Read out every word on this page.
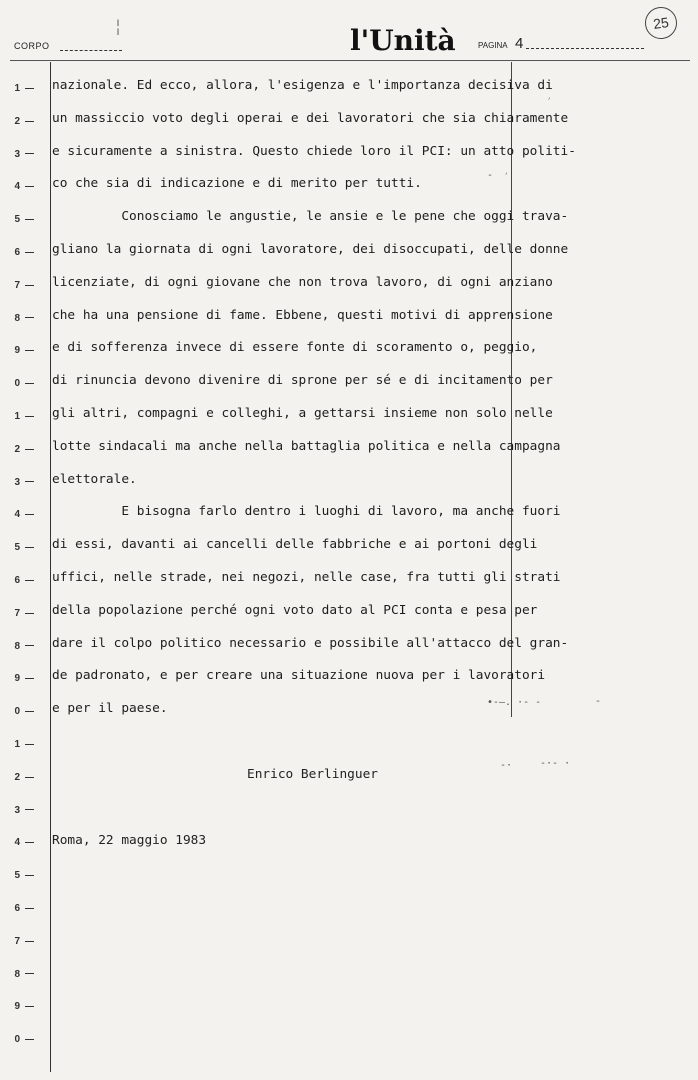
¦
CORPO	l'Unità	PAGINA 4
25
1
2
3
4
5
6
7
8
9
0
1
2
3
4
5
6
7
8
9
0
1
2
3
4
5
6
7
8
9
0
nazionale. Ed ecco, allora, l'esigenza e l'importanza decisiva di
un massiccio voto degli operai e dei lavoratori che sia chiaramente
e sicuramente a sinistra. Questo chiede loro il PCI: un atto politi-
co che sia di indicazione e di merito per tutti.
Conosciamo le angustie, le ansie e le pene che oggi trava-
gliano la giornata di ogni lavoratore, dei disoccupati, delle donne
licenziate, di ogni giovane che non trova lavoro, di ogni anziano
che ha una pensione di fame. Ebbene, questi motivi di apprensione
e di sofferenza invece di essere fonte di scoramento o, peggio,
di rinuncia devono divenire di sprone per sé e di incitamento per
gli altri, compagni e colleghi, a gettarsi insieme non solo nelle
lotte sindacali ma anche nella battaglia politica e nella campagna
elettorale.
E bisogna farlo dentro i luoghi di lavoro, ma anche fuori
di essi, davanti ai cancelli delle fabbriche e ai portoni degli
uffici, nelle strade, nei negozi, nelle case, fra tutti gli strati
della popolazione perché ogni voto dato al PCI conta e pesa per
dare il colpo politico necessario e possibile all'attacco del gran-
de padronato, e per creare una situazione nuova per i lavoratori
e per il paese.
Enrico Berlinguer
Roma, 22 maggio 1983
׳
-  ׳
•-–. ·- -	-
-·	-·- ·
